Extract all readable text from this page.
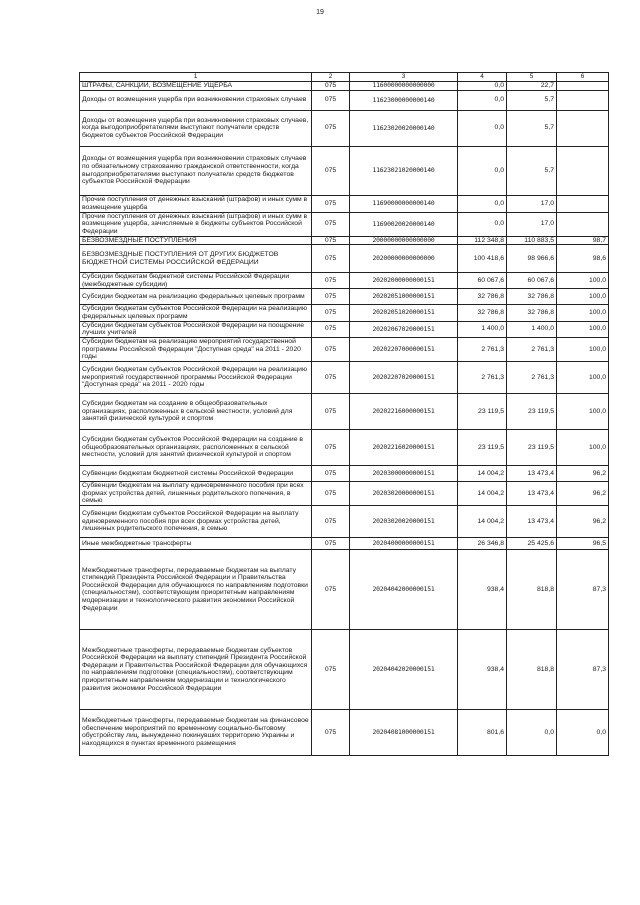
19
1	2	3	4	5	6
ШТРАФЫ, САНКЦИИ, ВОЗМЕЩЕНИЕ УЩЕРБА	075	11600000000000000	0,0	22,7	
Доходы от возмещения ущерба при возникновении страховых случаев	075	11623000000000140	0,0	5,7	
Доходы от возмещения ущерба при возникновении страховых случаев, когда выгодоприобретателями выступают получатели средств бюджетов субъектов Российской Федерации	075	11623020020000140	0,0	5,7	
Доходы от возмещения ущерба при возникновении страховых случаев по обязательному страхованию гражданской ответственности, когда выгодоприобретателями выступают получатели средств бюджетов субъектов Российской Федерации	075	11623021020000140	0,0	5,7	
Прочие поступления от денежных взысканий (штрафов) и иных сумм в возмещение ущерба	075	11690000000000140	0,0	17,0	
Прочие поступления от денежных взысканий (штрафов) и иных сумм в возмещение ущерба, зачисляемые в бюджеты субъектов Российской Федерации	075	11690020020000140	0,0	17,0	
БЕЗВОЗМЕЗДНЫЕ ПОСТУПЛЕНИЯ	075	20000000000000000	112 348,8	110 883,5	98,7
БЕЗВОЗМЕЗДНЫЕ ПОСТУПЛЕНИЯ ОТ ДРУГИХ БЮДЖЕТОВ БЮДЖЕТНОЙ СИСТЕМЫ РОССИЙСКОЙ ФЕДЕРАЦИИ	075	20200000000000000	100 418,6	98 966,6	98,6
Субсидии бюджетам бюджетной системы Российской Федерации (межбюджетные субсидии)	075	20202000000000151	60 067,6	60 067,6	100,0
Субсидии бюджетам на реализацию федеральных целевых программ	075	20202051000000151	32 786,8	32 786,8	100,0
Субсидии бюджетам субъектов Российской Федерации на реализацию федеральных целевых программ	075	20202051020000151	32 786,8	32 786,8	100,0
Субсидии бюджетам субъектов Российской Федерации на поощрение лучших учителей	075	20202067020000151	1 400,0	1 400,0	100,0
Субсидии бюджетам на реализацию мероприятий государственной программы Российской Федерации "Доступная среда" на 2011 - 2020 годы	075	20202207000000151	2 761,3	2 761,3	100,0
Субсидии бюджетам субъектов Российской Федерации на реализацию мероприятий государственной программы Российской Федерации "Доступная среда" на 2011 - 2020 годы	075	20202207020000151	2 761,3	2 761,3	100,0
Субсидии бюджетам на создание в общеобразовательных организациях, расположенных в сельской местности, условий для занятий физической культурой и спортом	075	20202216000000151	23 119,5	23 119,5	100,0
Субсидии бюджетам субъектов Российской Федерации на создание в общеобразовательных организациях, расположенных в сельской местности, условий для занятий физической культурой и спортом	075	20202216020000151	23 119,5	23 119,5	100,0
Субвенции бюджетам бюджетной системы Российской Федерации	075	20203000000000151	14 004,2	13 473,4	96,2
Субвенции бюджетам на выплату единовременного пособия при всех формах устройства детей, лишенных родительского попечения, в семью	075	20203020000000151	14 004,2	13 473,4	96,2
Субвенции бюджетам субъектов Российской Федерации на выплату единовременного пособия при всех формах устройства детей, лишенных родительского попечения, в семью	075	20203020020000151	14 004,2	13 473,4	96,2
Иные межбюджетные трансферты	075	20204000000000151	26 346,8	25 425,6	96,5
Межбюджетные трансферты, передаваемые бюджетам на выплату стипендий Президента Российской Федерации и Правительства Российской Федерации для обучающихся по направлениям подготовки (специальностям), соответствующим приоритетным направлениям модернизации и технологического развития экономики Российской Федерации	075	20204042000000151	938,4	818,8	87,3
Межбюджетные трансферты, передаваемые бюджетам субъектов Российской Федерации на выплату стипендий Президента Российской Федерации и Правительства Российской Федерации для обучающихся по направлениям подготовки (специальностям), соответствующим приоритетным направлениям модернизации и технологического развития экономики Российской Федерации	075	20204042020000151	938,4	818,8	87,3
Межбюджетные трансферты, передаваемые бюджетам на финансовое обеспечение мероприятий по временному социально-бытовому обустройству лиц, вынужденно покинувших территорию Украины и находящихся в пунктах временного размещения	075	20204081000000151	801,6	0,0	0,0
